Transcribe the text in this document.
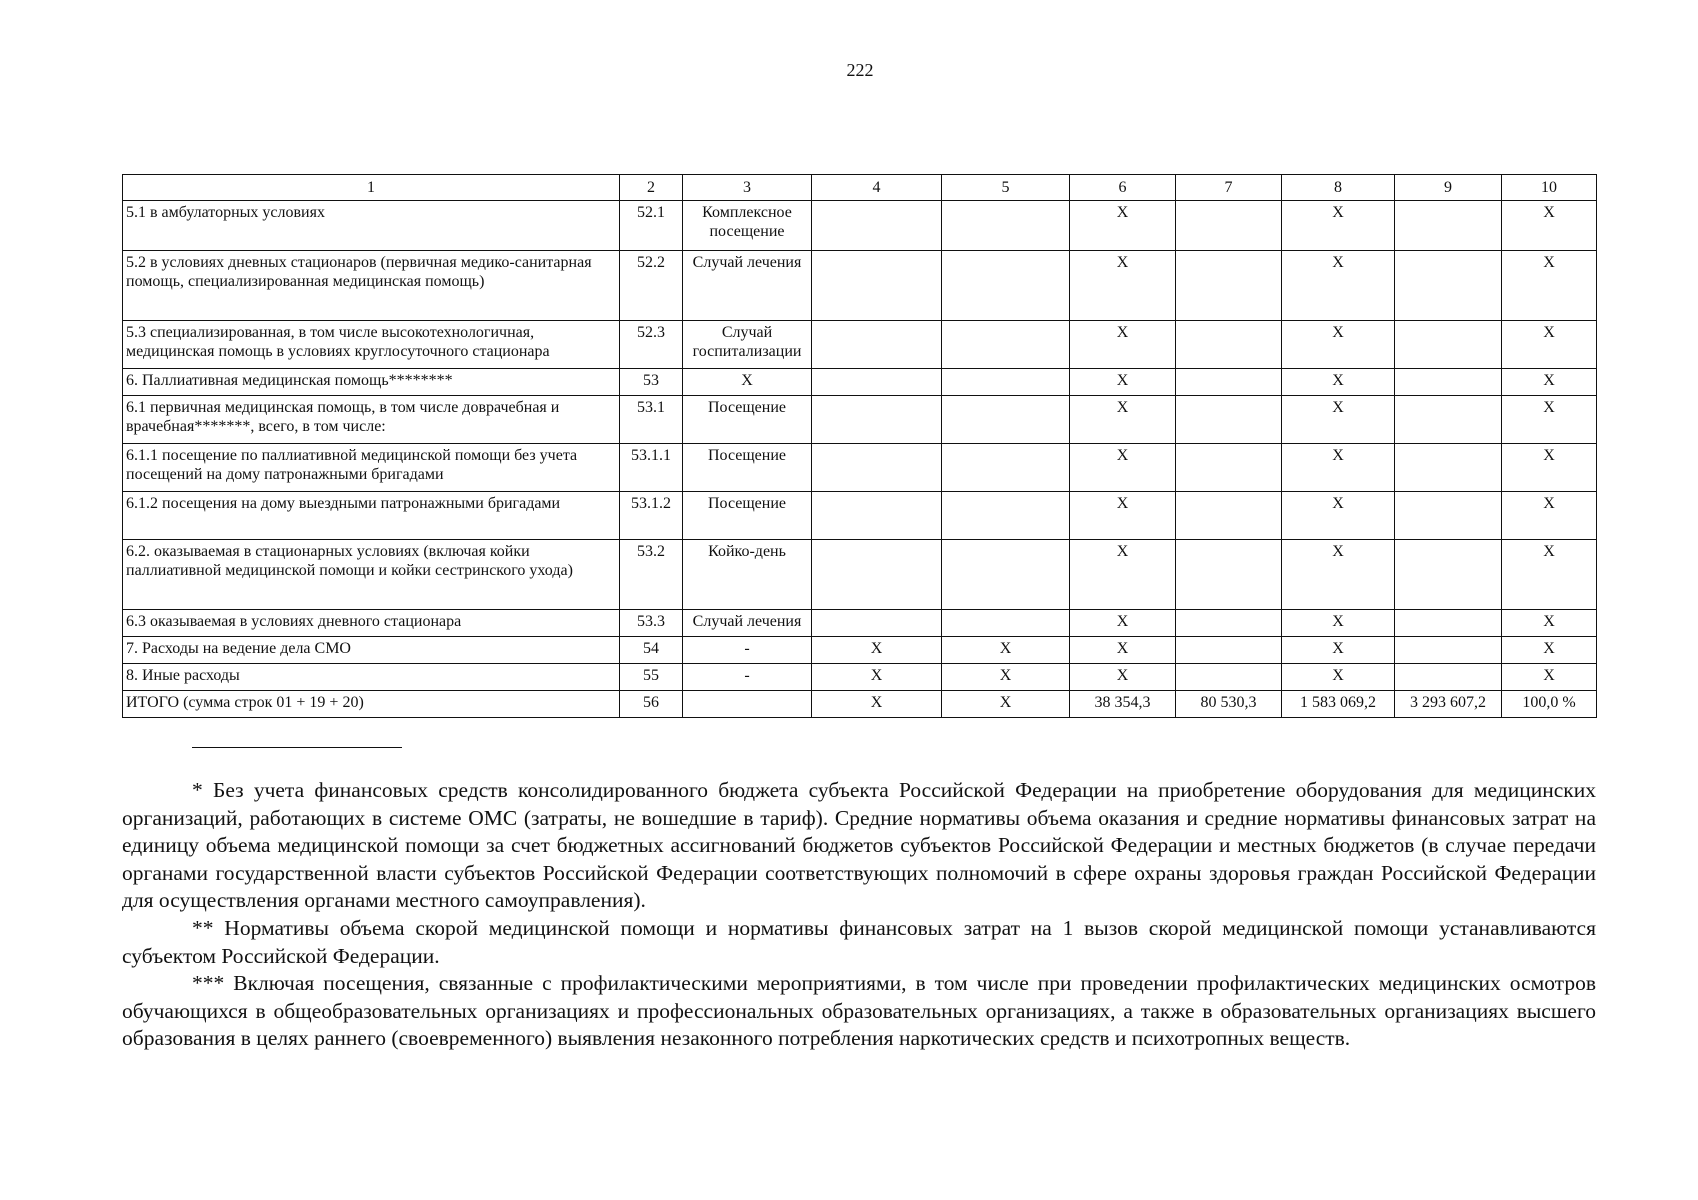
222
1	2	3	4	5	6	7	8	9	10
5.1 в амбулаторных условиях	52.1	Комплексное посещение			X		X		X
5.2 в условиях дневных стационаров (первичная медико-санитарная помощь, специализированная медицинская помощь)	52.2	Случай лечения			X		X		X
5.3 специализированная, в том числе высокотехнологичная, медицинская помощь в условиях круглосуточного стационара	52.3	Случай госпитализации			X		X		X
6. Паллиативная медицинская помощь********	53	X			X		X		X
6.1 первичная медицинская помощь, в том числе доврачебная и врачебная*******, всего, в том числе:	53.1	Посещение			X		X		X
6.1.1 посещение по паллиативной медицинской помощи без учета посещений на дому патронажными бригадами	53.1.1	Посещение			X		X		X
6.1.2 посещения на дому выездными патронажными бригадами	53.1.2	Посещение			X		X		X
6.2. оказываемая в стационарных условиях (включая койки паллиативной медицинской помощи и койки сестринского ухода)	53.2	Койко-день			X		X		X
6.3 оказываемая в условиях дневного стационара	53.3	Случай лечения			X		X		X
7. Расходы на ведение дела СМО	54	-	X	X	X		X		X
8. Иные расходы	55	-	X	X	X		X		X
ИТОГО (сумма строк 01 + 19 + 20)	56		X	X	38 354,3	80 530,3	1 583 069,2	3 293 607,2	100,0 %

* Без учета финансовых средств консолидированного бюджета субъекта Российской Федерации на приобретение оборудования для медицинских организаций, работающих в системе ОМС (затраты, не вошедшие в тариф). Средние нормативы объема оказания и средние нормативы финансовых затрат на единицу объема медицинской помощи за счет бюджетных ассигнований бюджетов субъектов Российской Федерации и местных бюджетов (в случае передачи органами государственной власти субъектов Российской Федерации соответствующих полномочий в сфере охраны здоровья граждан Российской Федерации для осуществления органами местного самоуправления).

** Нормативы объема скорой медицинской помощи и нормативы финансовых затрат на 1 вызов скорой медицинской помощи устанавливаются субъектом Российской Федерации.

*** Включая посещения, связанные с профилактическими мероприятиями, в том числе при проведении профилактических медицинских осмотров обучающихся в общеобразовательных организациях и профессиональных образовательных организациях, а также в образовательных организациях высшего образования в целях раннего (своевременного) выявления незаконного потребления наркотических средств и психотропных веществ.
